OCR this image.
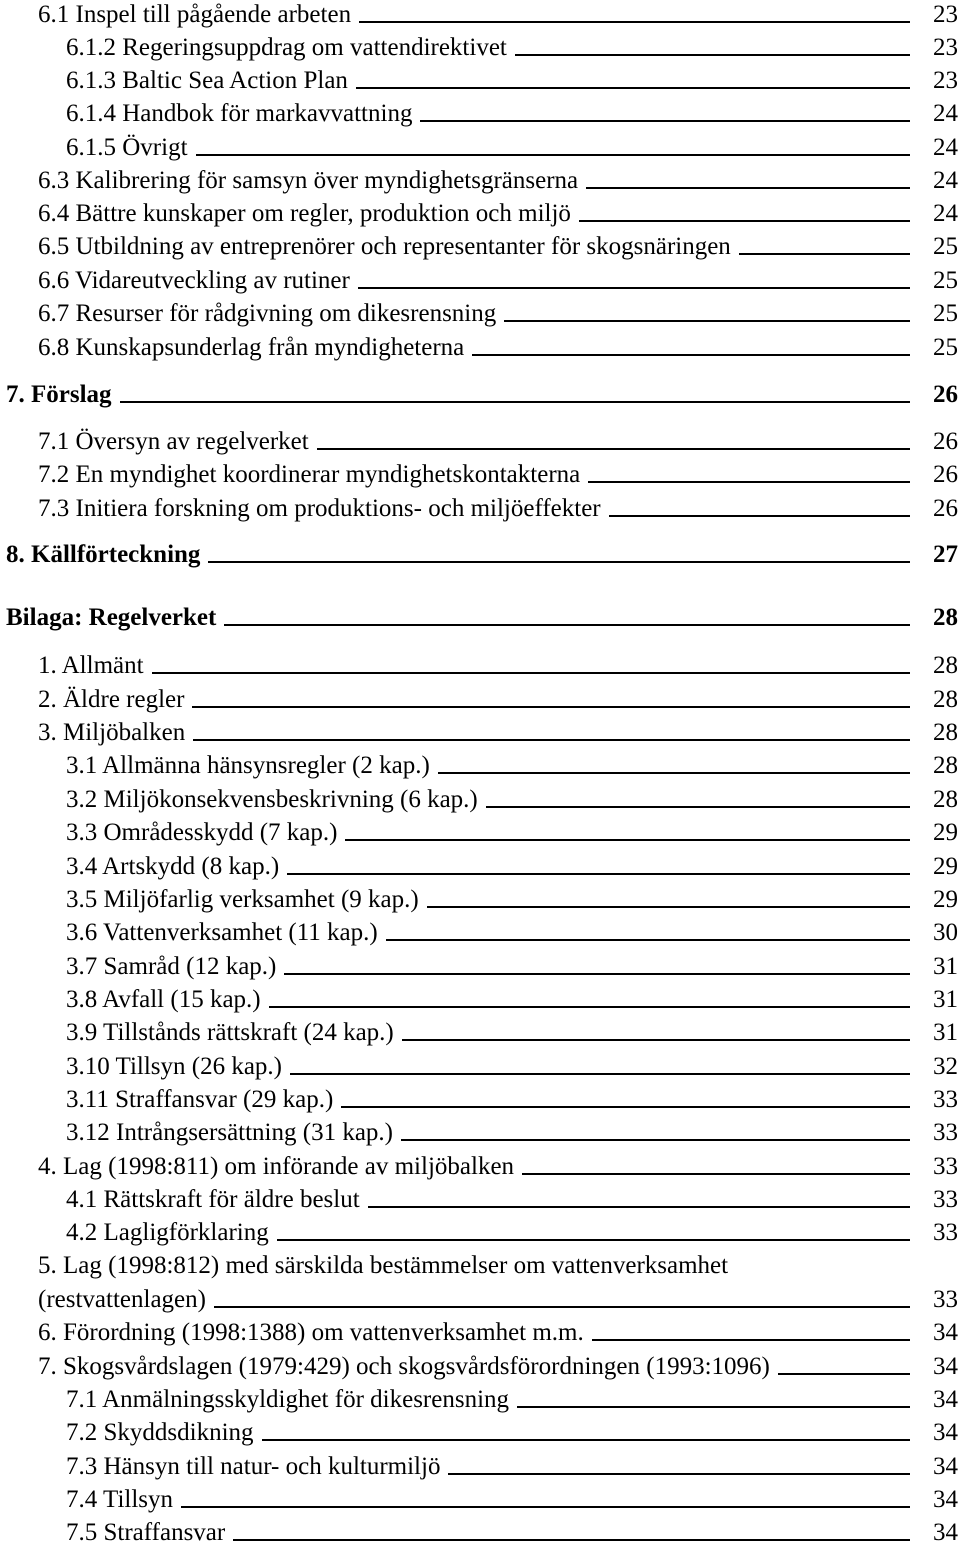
6.1 Inspel till pågående arbeten	23
6.1.2 Regeringsuppdrag om vattendirektivet	23
6.1.3 Baltic Sea Action Plan	23
6.1.4 Handbok för markavvattning	24
6.1.5 Övrigt	24
6.3 Kalibrering för samsyn över myndighetsgränserna	24
6.4 Bättre kunskaper om regler, produktion och miljö	24
6.5 Utbildning av entreprenörer och representanter för skogsnäringen	25
6.6 Vidareutveckling av rutiner	25
6.7 Resurser för rådgivning om dikesrensning	25
6.8 Kunskapsunderlag från myndigheterna	25
7. Förslag	26
7.1 Översyn av regelverket	26
7.2 En myndighet koordinerar myndighetskontakterna	26
7.3 Initiera forskning om produktions- och miljöeffekter	26
8. Källförteckning	27
Bilaga: Regelverket	28
1. Allmänt	28
2. Äldre regler	28
3. Miljöbalken	28
3.1 Allmänna hänsynsregler (2 kap.)	28
3.2 Miljökonsekvensbeskrivning (6 kap.)	28
3.3 Områdesskydd (7 kap.)	29
3.4 Artskydd (8 kap.)	29
3.5 Miljöfarlig verksamhet (9 kap.)	29
3.6 Vattenverksamhet (11 kap.)	30
3.7 Samråd (12 kap.)	31
3.8 Avfall (15 kap.)	31
3.9 Tillstånds rättskraft (24 kap.)	31
3.10 Tillsyn (26 kap.)	32
3.11 Straffansvar (29 kap.)	33
3.12 Intrångsersättning (31 kap.)	33
4. Lag (1998:811) om införande av miljöbalken	33
4.1 Rättskraft för äldre beslut	33
4.2 Lagligförklaring	33
5. Lag (1998:812) med särskilda bestämmelser om vattenverksamhet
(restvattenlagen)	33
6. Förordning (1998:1388) om vattenverksamhet m.m.	34
7. Skogsvårdslagen (1979:429) och skogsvårdsförordningen (1993:1096)	34
7.1 Anmälningsskyldighet för dikesrensning	34
7.2 Skyddsdikning	34
7.3 Hänsyn till natur- och kulturmiljö	34
7.4 Tillsyn	34
7.5 Straffansvar	34
